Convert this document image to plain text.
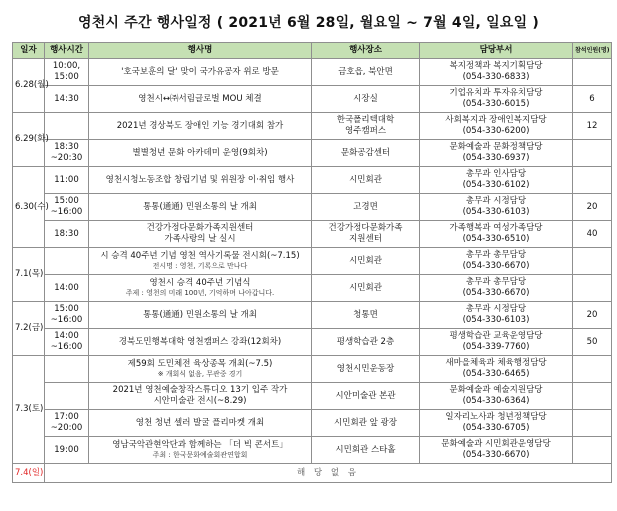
영천시 주간 행사일정 ( 2021년 6월 28일, 월요일 ~ 7월 4일, 일요일 )
일자	행사시간	행사명	행사장소	담당부서	참석인원(명)
6.28(월)	10:00,
15:00	'호국보훈의 달' 맞이 국가유공자 위로 방문	금호읍, 북안면	복지정책과 복지기획담당
(054-330-6833)	
	14:30	영천시↔㈜서림글로벌 MOU 체결	시장실	기업유치과 투자유치담당
(054-330-6015)	6
6.29(화)		2021년 경상북도 장애인 기능 경기대회 참가	한국폴리텍대학
영주캠퍼스	사회복지과 장애인복지담당
(054-330-6200)	12
	18:30
~20:30	별별청년 문화 아카데미 운영(9회차)	문화공감센터	문화예술과 문화정책담당
(054-330-6937)	
6.30(수)	11:00	영천시청노동조합 창립기념 및 위원장 이·취임 행사	시민회관	총무과 인사담당
(054-330-6102)	
	15:00
~16:00	통통(通通) 민원소통의 날 개최	고경면	총무과 시정담당
(054-330-6103)	20
	18:30	건강가정다문화가족지원센터
가족사랑의 날 실시	건강가정다문화가족
지원센터	가족행복과 여성가족담당
(054-330-6510)	40
7.1(목)		시 승격 40주년 기념 영천 역사기록물 전시회(~7.15)
전시명 : 영천, 기록으로 만나다	시민회관	총무과 총무담당
(054-330-6670)	
	14:00	영천시 승격 40주년 기념식
주제 : 영천의 미래 100년, 기억하며 나아갑니다.	시민회관	총무과 총무담당
(054-330-6670)	
7.2(금)	15:00
~16:00	통통(通通) 민원소통의 날 개최	청통면	총무과 시정담당
(054-330-6103)	20
	14:00
~16:00	경북도민행복대학 영천캠퍼스 강좌(12회차)	평생학습관 2층	평생학습관 교육운영담당
(054-339-7760)	50
7.3(토)		제59회 도민체전 육상종목 개최(~7.5)
※ 개회식 없음, 무관중 경기	영천시민운동장	새마을체육과 체육행정담당
(054-330-6465)	
		2021년 영천예술창작스튜디오 13기 입주 작가
시안미술관 전시(~8.29)	시안미술관 본관	문화예술과 예술지원담당
(054-330-6364)	
	17:00
~20:00	영천 청년 셀러 발굴 플리마켓 개최	시민회관 앞 광장	일자리노사과 청년정책담당
(054-330-6705)	
	19:00	영남국악관현악단과 함께하는 「더 빅 콘서트」
주최 : 한국문화예술회관연합회	시민회관 스타홀	문화예술과 시민회관운영담당
(054-330-6670)	
7.4(일)	해 당 없 음				
